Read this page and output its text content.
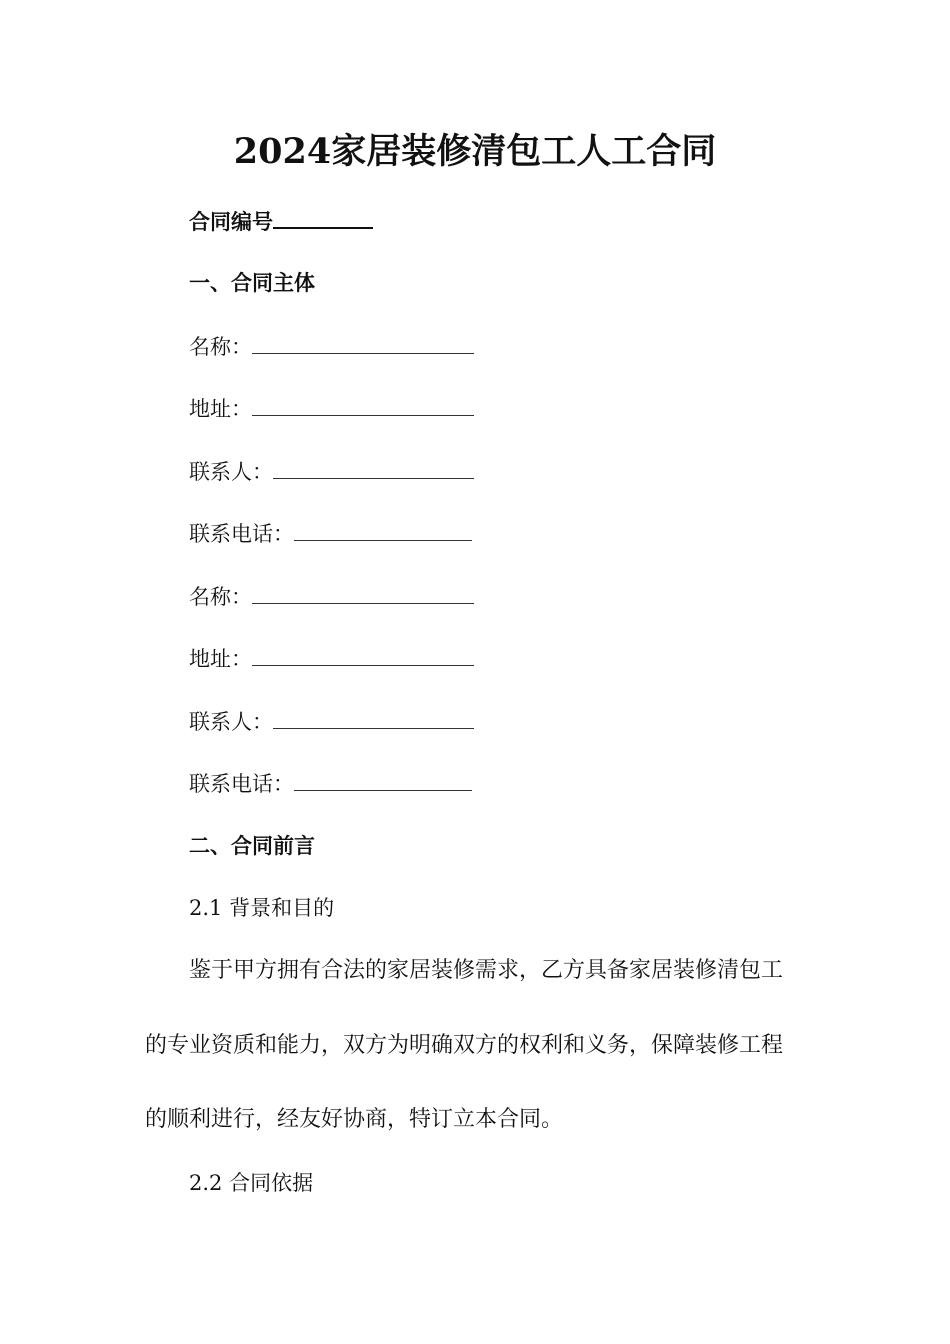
2024家居装修清包工人工合同
合同编号
一、合同主体
名称：
地址：
联系人：
联系电话：
名称：
地址：
联系人：
联系电话：
二、合同前言
2.1 背景和目的
鉴于甲方拥有合法的家居装修需求，乙方具备家居装修清包工
的专业资质和能力，双方为明确双方的权利和义务，保障装修工程
的顺利进行，经友好协商，特订立本合同。
2.2 合同依据
